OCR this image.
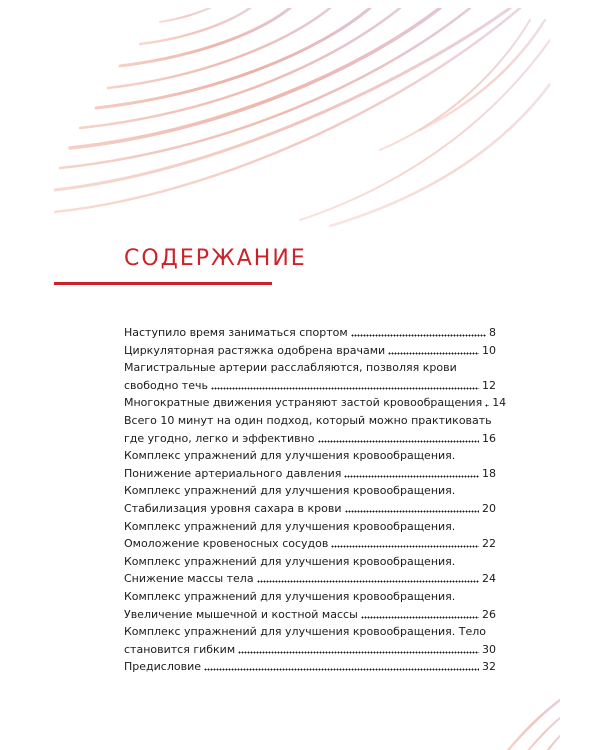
СОДЕРЖАНИЕ
Наступило время заниматься спортом	8
Циркуляторная растяжка одобрена врачами	10
Магистральные артерии расслабляются, позволяя крови
свободно течь	12
Многократные движения устраняют застой кровообращения 14
Всего 10 минут на один подход, который можно практиковать
где угодно, легко и эффективно	16
Комплекс упражнений для улучшения кровообращения.
Понижение артериального давления	18
Комплекс упражнений для улучшения кровообращения.
Стабилизация уровня сахара в крови	20
Комплекс упражнений для улучшения кровообращения.
Омоложение кровеносных сосудов	22
Комплекс упражнений для улучшения кровообращения.
Снижение массы тела	24
Комплекс упражнений для улучшения кровообращения.
Увеличение мышечной и костной массы	26
Комплекс упражнений для улучшения кровообращения. Тело
становится гибким	30
Предисловие	32
